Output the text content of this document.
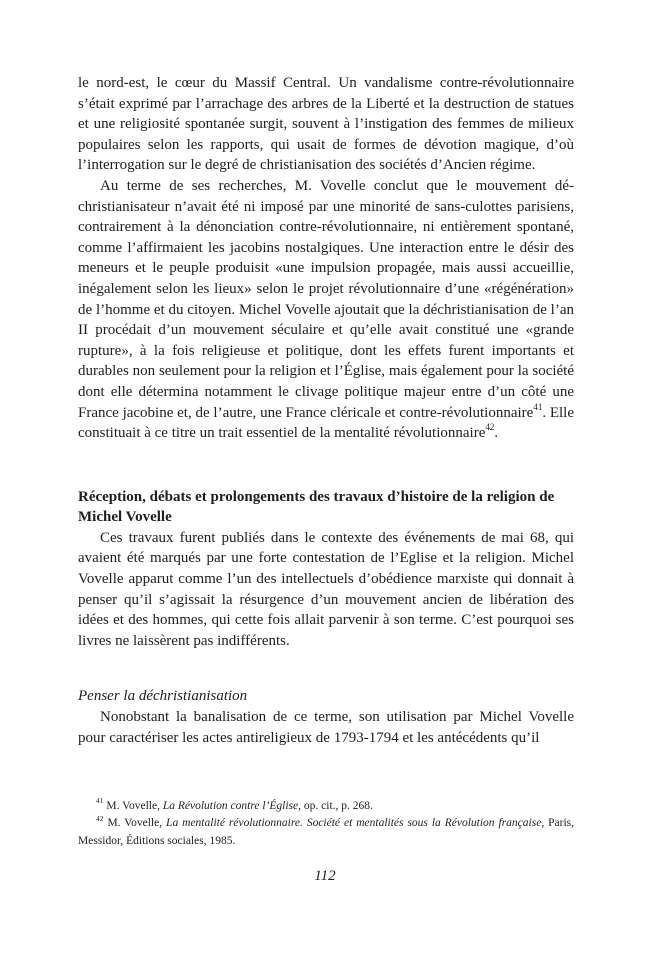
le nord-est, le cœur du Massif Central. Un vandalisme contre-révolutionnaire s’était exprimé par l’arrachage des arbres de la Liberté et la destruction de statues et une religiosité spontanée surgit, souvent à l’instigation des femmes de milieux populaires selon les rapports, qui usait de formes de dévotion magique, d’où l’interrogation sur le degré de christianisation des sociétés d’Ancien régime.

Au terme de ses recherches, M. Vovelle conclut que le mouvement déchristianisateur n’avait été ni imposé par une minorité de sans-culottes parisiens, contrairement à la dénonciation contre-révolutionnaire, ni entièrement spontané, comme l’affirmaient les jacobins nostalgiques. Une interaction entre le désir des meneurs et le peuple produisit «une impulsion propagée, mais aussi accueillie, inégalement selon les lieux» selon le projet révolutionnaire d’une «régénération» de l’homme et du citoyen. Michel Vovelle ajoutait que la déchristianisation de l’an II procédait d’un mouvement séculaire et qu’elle avait constitué une «grande rupture», à la fois religieuse et politique, dont les effets furent importants et durables non seulement pour la religion et l’Église, mais également pour la société dont elle détermina notamment le clivage politique majeur entre d’un côté une France jacobine et, de l’autre, une France cléricale et contre-révolutionnaire$^{41}$. Elle constituait à ce titre un trait essentiel de la mentalité révolutionnaire$^{42}$.

Réception, débats et prolongements des travaux d’histoire de la religion de Michel Vovelle

Ces travaux furent publiés dans le contexte des événements de mai 68, qui avaient été marqués par une forte contestation de l’Eglise et la religion. Michel Vovelle apparut comme l’un des intellectuels d’obédience marxiste qui donnait à penser qu’il s’agissait la résurgence d’un mouvement ancien de libération des idées et des hommes, qui cette fois allait parvenir à son terme. C’est pourquoi ses livres ne laissèrent pas indifférents.

Penser la déchristianisation

Nonobstant la banalisation de ce terme, son utilisation par Michel Vovelle pour caractériser les actes antireligieux de 1793-1794 et les antécédents qu’il

$^{41}$ M. Vovelle, La Révolution contre l’Église, op. cit., p. 268.

$^{42}$ M. Vovelle, La mentalité révolutionnaire. Société et mentalités sous la Révolution française, Paris, Messidor, Éditions sociales, 1985.

112
